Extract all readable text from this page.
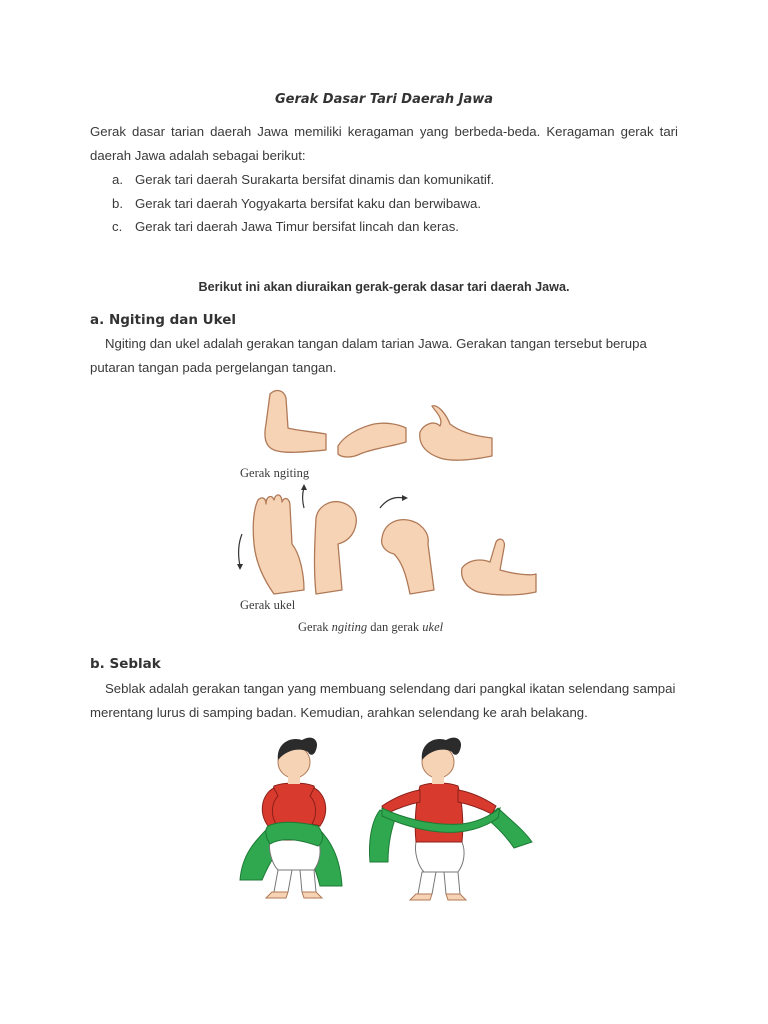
Gerak Dasar Tari Daerah Jawa
Gerak dasar tarian daerah Jawa memiliki keragaman yang berbeda-beda. Keragaman gerak tari
daerah Jawa adalah sebagai berikut:
a. Gerak tari daerah Surakarta bersifat dinamis dan komunikatif.
b. Gerak tari daerah Yogyakarta bersifat kaku dan berwibawa.
c. Gerak tari daerah Jawa Timur bersifat lincah dan keras.
Berikut ini akan diuraikan gerak-gerak dasar tari daerah Jawa.
a. Ngiting dan Ukel
Ngiting dan ukel adalah gerakan tangan dalam tarian Jawa. Gerakan tangan tersebut berupa
putaran tangan pada pergelangan tangan.
Gerak ngiting
Gerak ukel
Gerak ngiting dan gerak ukel
b. Seblak
Seblak adalah gerakan tangan yang membuang selendang dari pangkal ikatan selendang sampai
merentang lurus di samping badan. Kemudian, arahkan selendang ke arah belakang.
